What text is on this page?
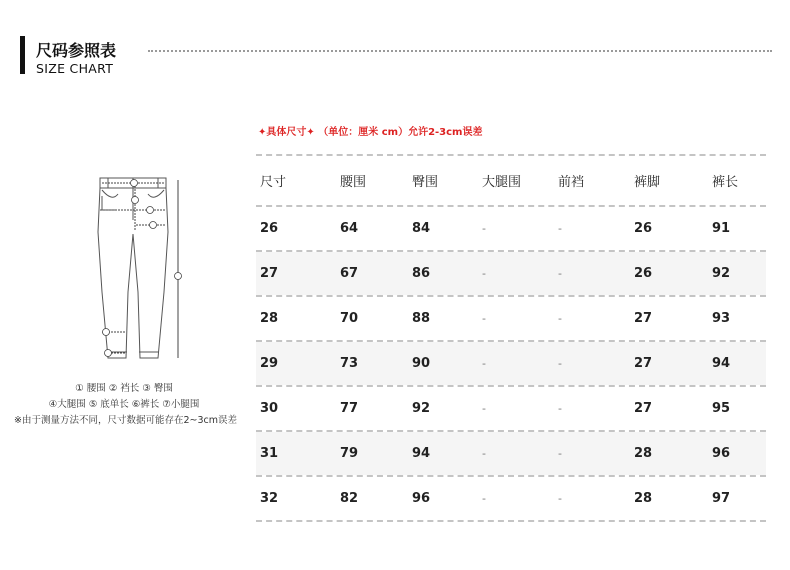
尺码参照表
SIZE CHART
① 腰围 ② 裆长 ③ 臀围
④大腿围 ⑤ 底单长 ⑥裤长 ⑦小腿围
※由于测量方法不同，尺寸数据可能存在2~3cm误差
✦具体尺寸✦ （单位：厘米 cm）允许2-3cm误差
尺寸	腰围	臀围	大腿围	前裆	裤脚	裤长
26	64	84	-	-	26	91
27	67	86	-	-	26	92
28	70	88	-	-	27	93
29	73	90	-	-	27	94
30	77	92	-	-	27	95
31	79	94	-	-	28	96
32	82	96	-	-	28	97
